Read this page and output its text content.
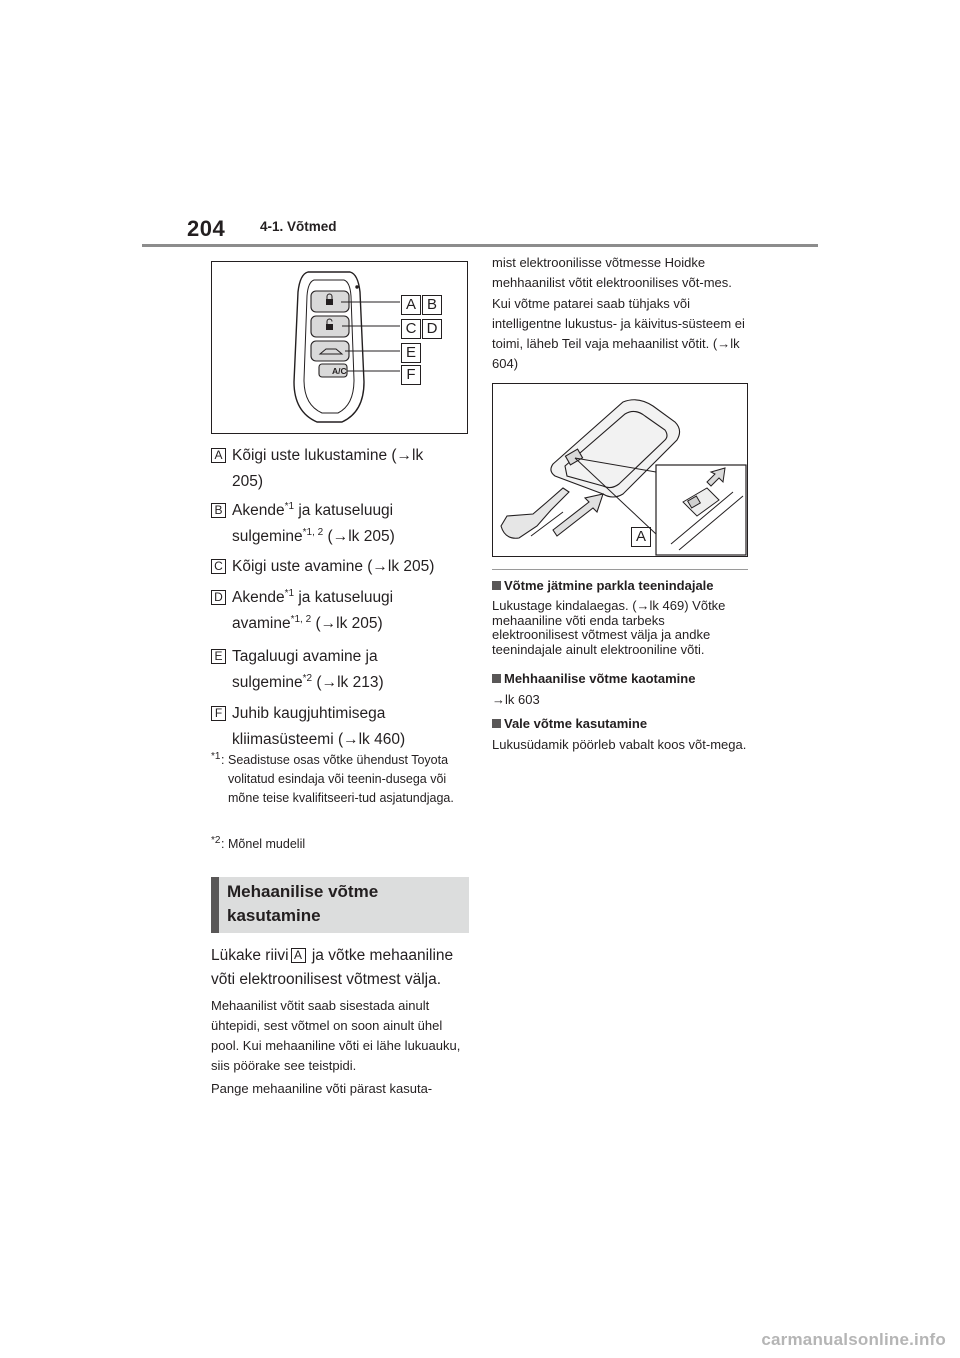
204	4-1. Võtmed
A/C
A B
C D
E
F
A Kõigi uste lukustamine (→lk
205)
B Akende$^{*1}$ ja katuseluugi
sulgemine$^{*1, 2}$ (→lk 205)
C Kõigi uste avamine (→lk 205)
D Akende$^{*1}$ ja katuseluugi
avamine$^{*1, 2}$ (→lk 205)
E Tagaluugi avamine ja
sulgemine$^{*2}$ (→lk 213)
F Juhib kaugjuhtimisega
kliimasüsteemi (→lk 460)
*1 : Seadistuse osas võtke ühendust Toyota volitatud esindaja või teenin-dusega või mõne teise kvalifitseeri-tud asjatundjaga.
*2 : Mõnel mudelil
Mehaanilise võtme
kasutamine
Lükake riivi A ja võtke mehaaniline
võti elektroonilisest võtmest välja.
Mehaanilist võtit saab sisestada ainult ühtepidi, sest võtmel on soon ainult ühel pool. Kui mehaaniline võti ei lähe lukuauku, siis pöörake see teistpidi.
Pange mehaaniline võti pärast kasuta-
mist elektroonilisse võtmesse Hoidke mehhaanilist võtit elektroonilises võt-mes. Kui võtme patarei saab tühjaks või intelligentne lukustus- ja käivitus-süsteem ei toimi, läheb Teil vaja mehaanilist võtit. (→lk 604)
A
Võtme jätmine parkla teenindajale
Lukustage kindalaegas. (→lk 469) Võtke mehaaniline võti enda tarbeks elektroonilisest võtmest välja ja andke teenindajale ainult elektrooniline võti.
Mehhaanilise võtme kaotamine
→lk 603
Vale võtme kasutamine
Lukusüdamik pöörleb vabalt koos võt-mega.
carmanualsonline.info
